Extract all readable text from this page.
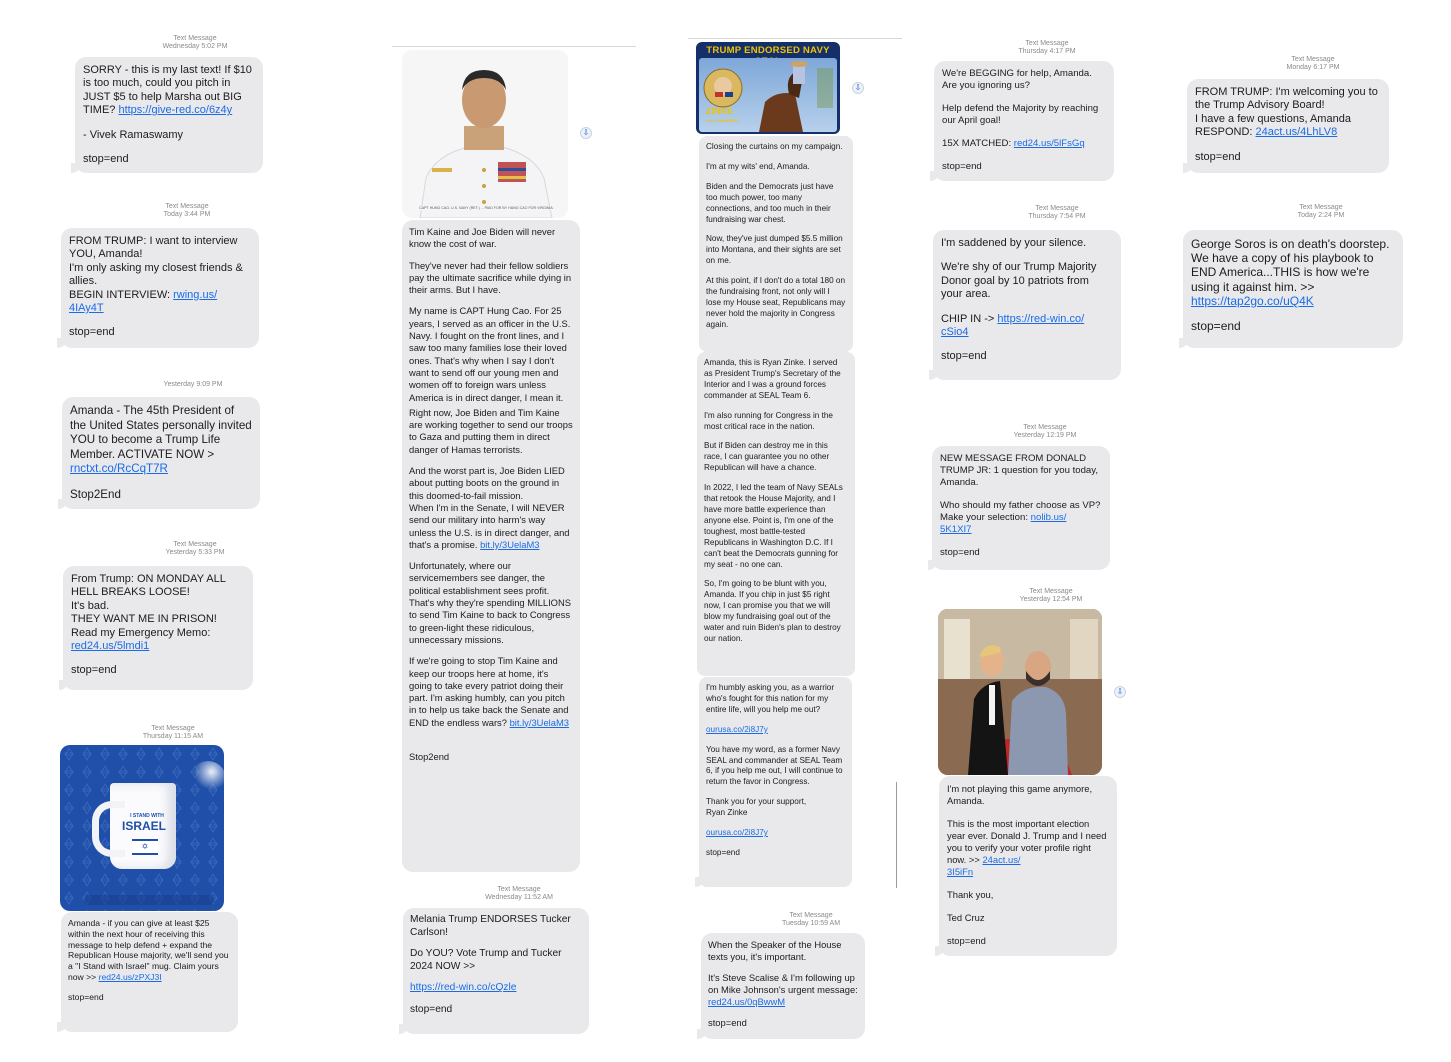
Text Message
Wednesday 5:02 PM

SORRY - this is my last text! If $10 is too much, could you pitch in JUST $5 to help Marsha out BIG TIME? https://give-red.co/6z4y

- Vivek Ramaswamy

stop=end

Text Message
Today 3:44 PM

FROM TRUMP: I want to interview YOU, Amanda!
I'm only asking my closest friends & allies.
BEGIN INTERVIEW: rwing.us/
4IAy4T

stop=end

Yesterday 9:09 PM

Amanda - The 45th President of the United States personally invited YOU to become a Trump Life Member. ACTIVATE NOW > rnctxt.co/RcCqT7R

Stop2End

Text Message
Yesterday 5:33 PM

From Trump: ON MONDAY ALL HELL BREAKS LOOSE!
It's bad.
THEY WANT ME IN PRISON!
Read my Emergency Memo:
red24.us/5lmdi1

stop=end

Text Message
Thursday 11:15 AM
I STAND WITH
ISRAEL
✡

Amanda - if you can give at least $25 within the next hour of receiving this message to help defend + expand the Republican House majority, we'll send you a "I Stand with Israel" mug. Claim yours now >> red24.us/zPXJ3I

stop=end

CAPT HUNG CAO, U.S. NAVY (RET.) ... PAID FOR BY HUNG CAO FOR VIRGINIA
⇩

Tim Kaine and Joe Biden will never know the cost of war.

They've never had their fellow soldiers pay the ultimate sacrifice while dying in their arms. But I have.

My name is CAPT Hung Cao. For 25 years, I served as an officer in the U.S. Navy. I fought on the front lines, and I saw too many families lose their loved ones. That's why when I say I don't want to send off our young men and women off to foreign wars unless America is in direct danger, I mean it.

Right now, Joe Biden and Tim Kaine are working together to send our troops to Gaza and putting them in direct danger of Hamas terrorists.

And the worst part is, Joe Biden LIED about putting boots on the ground in this doomed-to-fail mission.
When I'm in the Senate, I will NEVER send our military into harm's way unless the U.S. is in direct danger, and that's a promise. bit.ly/3UelaM3

Unfortunately, where our servicemembers see danger, the political establishment sees profit. That's why they're spending MILLIONS to send Tim Kaine to back to Congress to green-light these ridiculous, unnecessary missions.

If we're going to stop Tim Kaine and keep our troops here at home, it's going to take every patriot doing their part. I'm asking humbly, can you pitch in to help us take back the Senate and END the endless wars? bit.ly/3UelaM3

Stop2end

Text Message
Wednesday 11:52 AM

Melania Trump ENDORSES Tucker Carlson!

Do YOU? Vote Trump and Tucker 2024 NOW >>

https://red-win.co/cQzle

stop=end

TRUMP ENDORSED NAVY
ZINKE
U.S. CONGRESS
⇩

Closing the curtains on my campaign.

I'm at my wits' end, Amanda.

Biden and the Democrats just have too much power, too many connections, and too much in their fundraising war chest.

Now, they've just dumped $5.5 million into Montana, and their sights are set on me.

At this point, if I don't do a total 180 on the fundraising front, not only will I lose my House seat, Republicans may never hold the majority in Congress again.

Amanda, this is Ryan Zinke. I served as President Trump's Secretary of the Interior and I was a ground forces commander at SEAL Team 6.

I'm also running for Congress in the most critical race in the nation.

But if Biden can destroy me in this race, I can guarantee you no other Republican will have a chance.

In 2022, I led the team of Navy SEALs that retook the House Majority, and I have more battle experience than anyone else. Point is, I'm one of the toughest, most battle-tested Republicans in Washington D.C. If I can't beat the Democrats gunning for my seat - no one can.

So, I'm going to be blunt with you, Amanda. If you chip in just $5 right now, I can promise you that we will blow my fundraising goal out of the water and ruin Biden's plan to destroy our nation.

I'm humbly asking you, as a warrior who's fought for this nation for my entire life, will you help me out?

ourusa.co/2i8J7y

You have my word, as a former Navy SEAL and commander at SEAL Team 6, if you help me out, I will continue to return the favor in Congress.

Thank you for your support,
Ryan Zinke

ourusa.co/2i8J7y

stop=end

Text Message
Tuesday 10:59 AM

When the Speaker of the House texts you, it's important.

It's Steve Scalise & I'm following up on Mike Johnson's urgent message: red24.us/0qBwwM

stop=end

Text Message
Thursday 4:17 PM

We're BEGGING for help, Amanda. Are you ignoring us?

Help defend the Majority by reaching our April goal!

15X MATCHED: red24.us/5lFsGq

stop=end

Text Message
Thursday 7:54 PM

I'm saddened by your silence.

We're shy of our Trump Majority Donor goal by 10 patriots from your area.

CHIP IN -> https://red-win.co/
cSio4

stop=end

Text Message
Yesterday 12:19 PM

NEW MESSAGE FROM DONALD TRUMP JR: 1 question for you today, Amanda.

Who should my father choose as VP? Make your selection: nolib.us/
5K1XI7

stop=end

Text Message
Yesterday 12:54 PM
⇩

I'm not playing this game anymore, Amanda.

This is the most important election year ever. Donald J. Trump and I need you to verify your voter profile right now. >> 24act.us/
3I5iFn

Thank you,

Ted Cruz

stop=end

Text Message
Monday 6:17 PM

FROM TRUMP: I'm welcoming you to the Trump Advisory Board!
I have a few questions, Amanda
RESPOND: 24act.us/4LhLV8

stop=end

Text Message
Today 2:24 PM

George Soros is on death's doorstep. We have a copy of his playbook to END America...THIS is how we're using it against him. >> https://tap2go.co/uQ4K

stop=end
